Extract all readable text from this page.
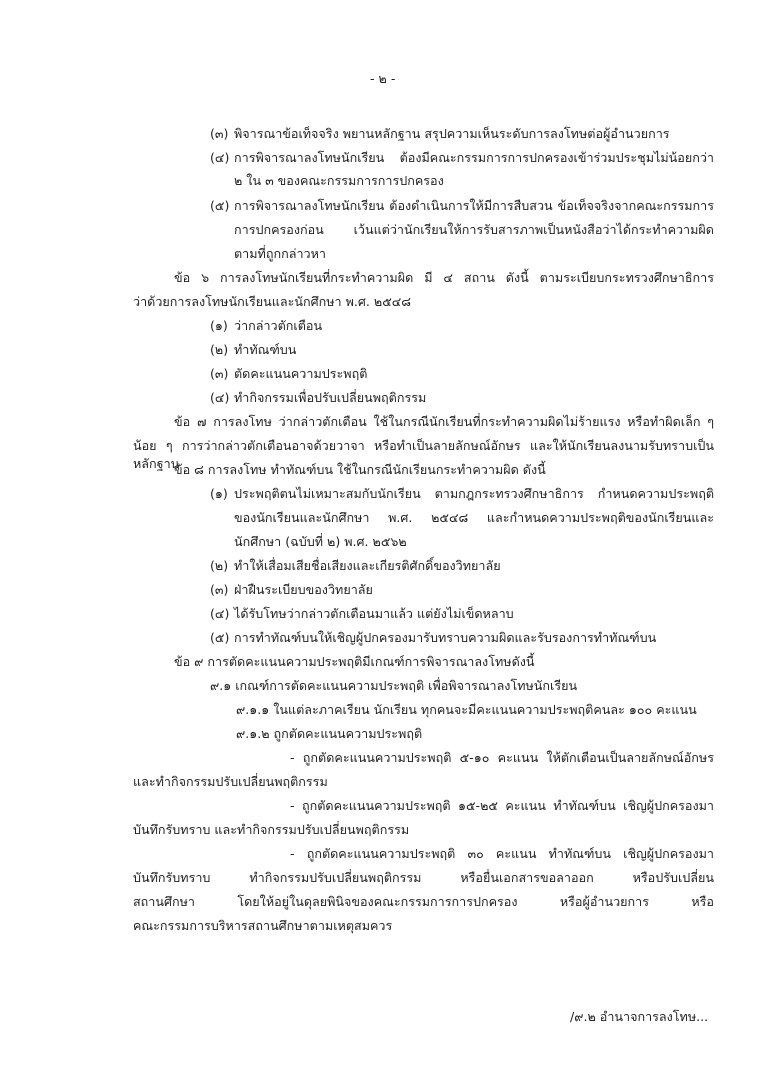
- ๒ -

(๓) พิจารณาข้อเท็จจริง พยานหลักฐาน สรุปความเห็นระดับการลงโทษต่อผู้อำนวยการ

(๔) การพิจารณาลงโทษนักเรียน ต้องมีคณะกรรมการการปกครองเข้าร่วมประชุมไม่น้อยกว่า

๒ ใน ๓ ของคณะกรรมการการปกครอง

(๕) การพิจารณาลงโทษนักเรียน ต้องดำเนินการให้มีการสืบสวน ข้อเท็จจริงจากคณะกรรมการ

การปกครองก่อน เว้นแต่ว่านักเรียนให้การรับสารภาพเป็นหนังสือว่าได้กระทำความผิด

ตามที่ถูกกล่าวหา

ข้อ ๖ การลงโทษนักเรียนที่กระทำความผิด มี ๔ สถาน ดังนี้ ตามระเบียบกระทรวงศึกษาธิการ

ว่าด้วยการลงโทษนักเรียนและนักศึกษา พ.ศ. ๒๕๔๘

(๑) ว่ากล่าวตักเตือน

(๒) ทำทัณฑ์บน

(๓) ตัดคะแนนความประพฤติ

(๔) ทำกิจกรรมเพื่อปรับเปลี่ยนพฤติกรรม

ข้อ ๗ การลงโทษ ว่ากล่าวตักเตือน ใช้ในกรณีนักเรียนที่กระทำความผิดไม่ร้ายแรง หรือทำผิดเล็ก ๆ

น้อย ๆ การว่ากล่าวตักเตือนอาจด้วยวาจา หรือทำเป็นลายลักษณ์อักษร และให้นักเรียนลงนามรับทราบเป็นหลักฐาน

ข้อ ๘ การลงโทษ ทำทัณฑ์บน ใช้ในกรณีนักเรียนกระทำความผิด ดังนี้

(๑) ประพฤติตนไม่เหมาะสมกับนักเรียน ตามกฎกระทรวงศึกษาธิการ กำหนดความประพฤติ

ของนักเรียนและนักศึกษา พ.ศ. ๒๕๔๘ และกำหนดความประพฤติของนักเรียนและ

นักศึกษา (ฉบับที่ ๒) พ.ศ. ๒๕๖๒

(๒) ทำให้เสื่อมเสียชื่อเสียงและเกียรติศักดิ์ของวิทยาลัย

(๓) ฝ่าฝืนระเบียบของวิทยาลัย

(๔) ได้รับโทษว่ากล่าวตักเตือนมาแล้ว แต่ยังไม่เข็ดหลาบ

(๕) การทำทัณฑ์บนให้เชิญผู้ปกครองมารับทราบความผิดและรับรองการทำทัณฑ์บน

ข้อ ๙ การตัดคะแนนความประพฤติมีเกณฑ์การพิจารณาลงโทษดังนี้

๙.๑ เกณฑ์การตัดคะแนนความประพฤติ เพื่อพิจารณาลงโทษนักเรียน

๙.๑.๑ ในแต่ละภาคเรียน นักเรียน ทุกคนจะมีคะแนนความประพฤติคนละ ๑๐๐ คะแนน

๙.๑.๒ ถูกตัดคะแนนความประพฤติ

- ถูกตัดคะแนนความประพฤติ ๕-๑๐ คะแนน ให้ตักเตือนเป็นลายลักษณ์อักษร

และทำกิจกรรมปรับเปลี่ยนพฤติกรรม

- ถูกตัดคะแนนความประพฤติ ๑๕-๒๕ คะแนน ทำทัณฑ์บน เชิญผู้ปกครองมา

บันทึกรับทราบ และทำกิจกรรมปรับเปลี่ยนพฤติกรรม

- ถูกตัดคะแนนความประพฤติ ๓๐ คะแนน ทำทัณฑ์บน เชิญผู้ปกครองมา

บันทึกรับทราบ ทำกิจกรรมปรับเปลี่ยนพฤติกรรม หรือยื่นเอกสารขอลาออก หรือปรับเปลี่ยน

สถานศึกษา โดยให้อยู่ในดุลยพินิจของคณะกรรมการการปกครอง หรือผู้อำนวยการ หรือ

คณะกรรมการบริหารสถานศึกษาตามเหตุสมควร

/๙.๒ อำนาจการลงโทษ...
